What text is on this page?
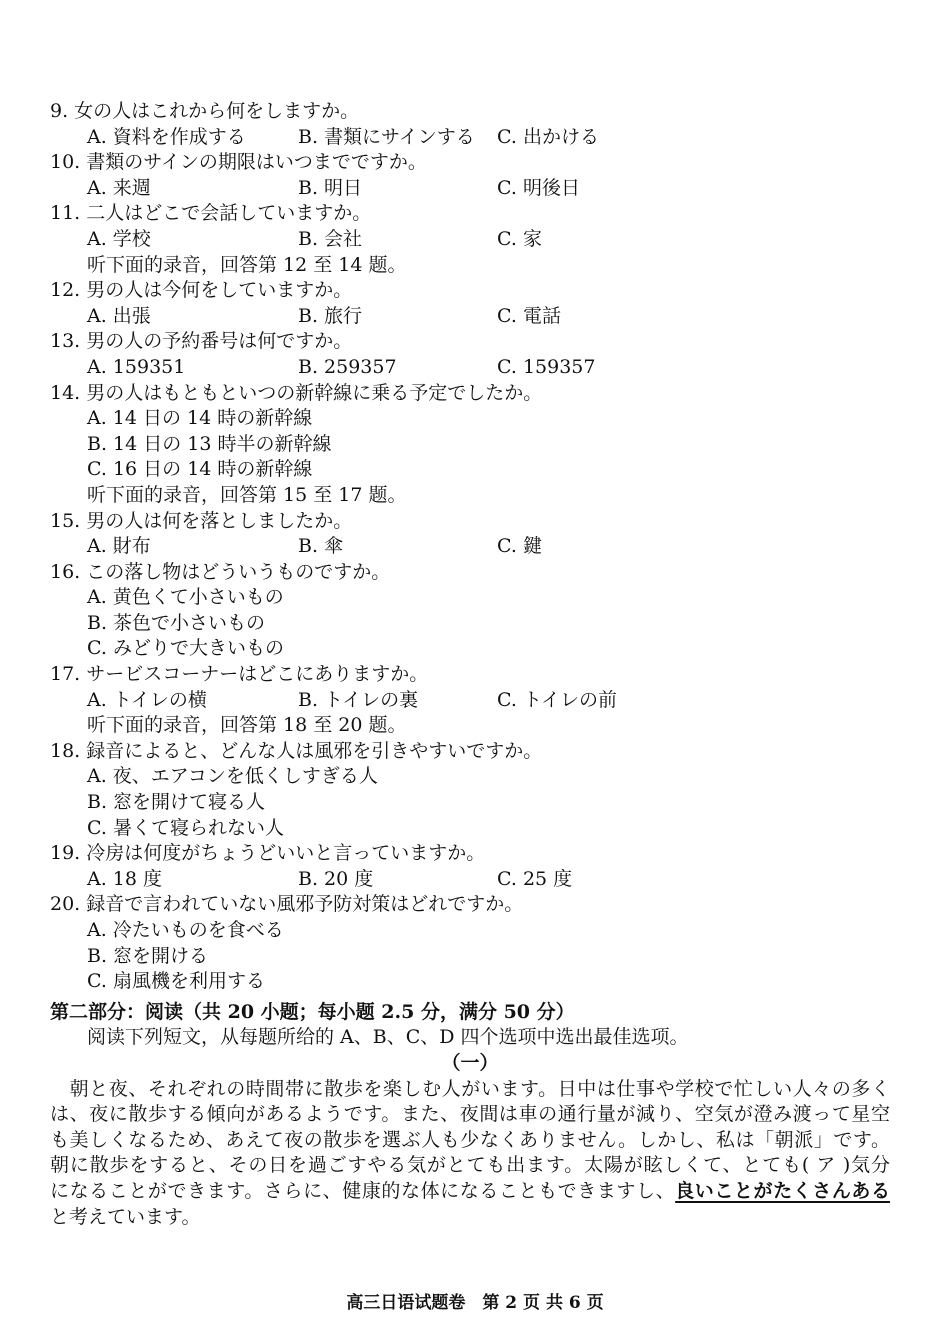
9. 女の人はこれから何をしますか。
A. 資料を作成する	B. 書類にサインする C. 出かける
10. 書類のサインの期限はいつまでですか。
A. 来週	B. 明日	C. 明後日
11. 二人はどこで会話していますか。
A. 学校	B. 会社	C. 家
听下面的录音，回答第 12 至 14 题。
12. 男の人は今何をしていますか。
A. 出張	B. 旅行	C. 電話
13. 男の人の予約番号は何ですか。
A. 159351	B. 259357	C. 159357
14. 男の人はもともといつの新幹線に乗る予定でしたか。
A. 14 日の 14 時の新幹線
B. 14 日の 13 時半の新幹線
C. 16 日の 14 時の新幹線
听下面的录音，回答第 15 至 17 题。
15. 男の人は何を落としましたか。
A. 財布	B. 傘	C. 鍵
16. この落し物はどういうものですか。
A. 黄色くて小さいもの
B. 茶色で小さいもの
C. みどりで大きいもの
17. サービスコーナーはどこにありますか。
A. トイレの横	B. トイレの裏	C. トイレの前
听下面的录音，回答第 18 至 20 题。
18. 録音によると、どんな人は風邪を引きやすいですか。
A. 夜、エアコンを低くしすぎる人
B. 窓を開けて寝る人
C. 暑くて寝られない人
19. 冷房は何度がちょうどいいと言っていますか。
A. 18 度	B. 20 度	C. 25 度
20. 録音で言われていない風邪予防対策はどれですか。
A. 冷たいものを食べる
B. 窓を開ける
C. 扇風機を利用する
第二部分：阅读（共 20 小题；每小题 2.5 分，满分 50 分）
阅读下列短文，从每题所给的 A、B、C、D 四个选项中选出最佳选项。
（一）
　朝と夜、それぞれの時間帯に散歩を楽しむ人がいます。日中は仕事や学校で忙しい人々の多く
は、夜に散歩する傾向があるようです。また、夜間は車の通行量が減り、空気が澄み渡って星空
も美しくなるため、あえて夜の散歩を選ぶ人も少なくありません。しかし、私は「朝派」です。
朝に散歩をすると、その日を過ごすやる気がとても出ます。太陽が眩しくて、とても( ア )気分
になることができます。さらに、健康的な体になることもできますし、良いことがたくさんある
と考えています。
高三日语试题卷　第 2 页 共 6 页
